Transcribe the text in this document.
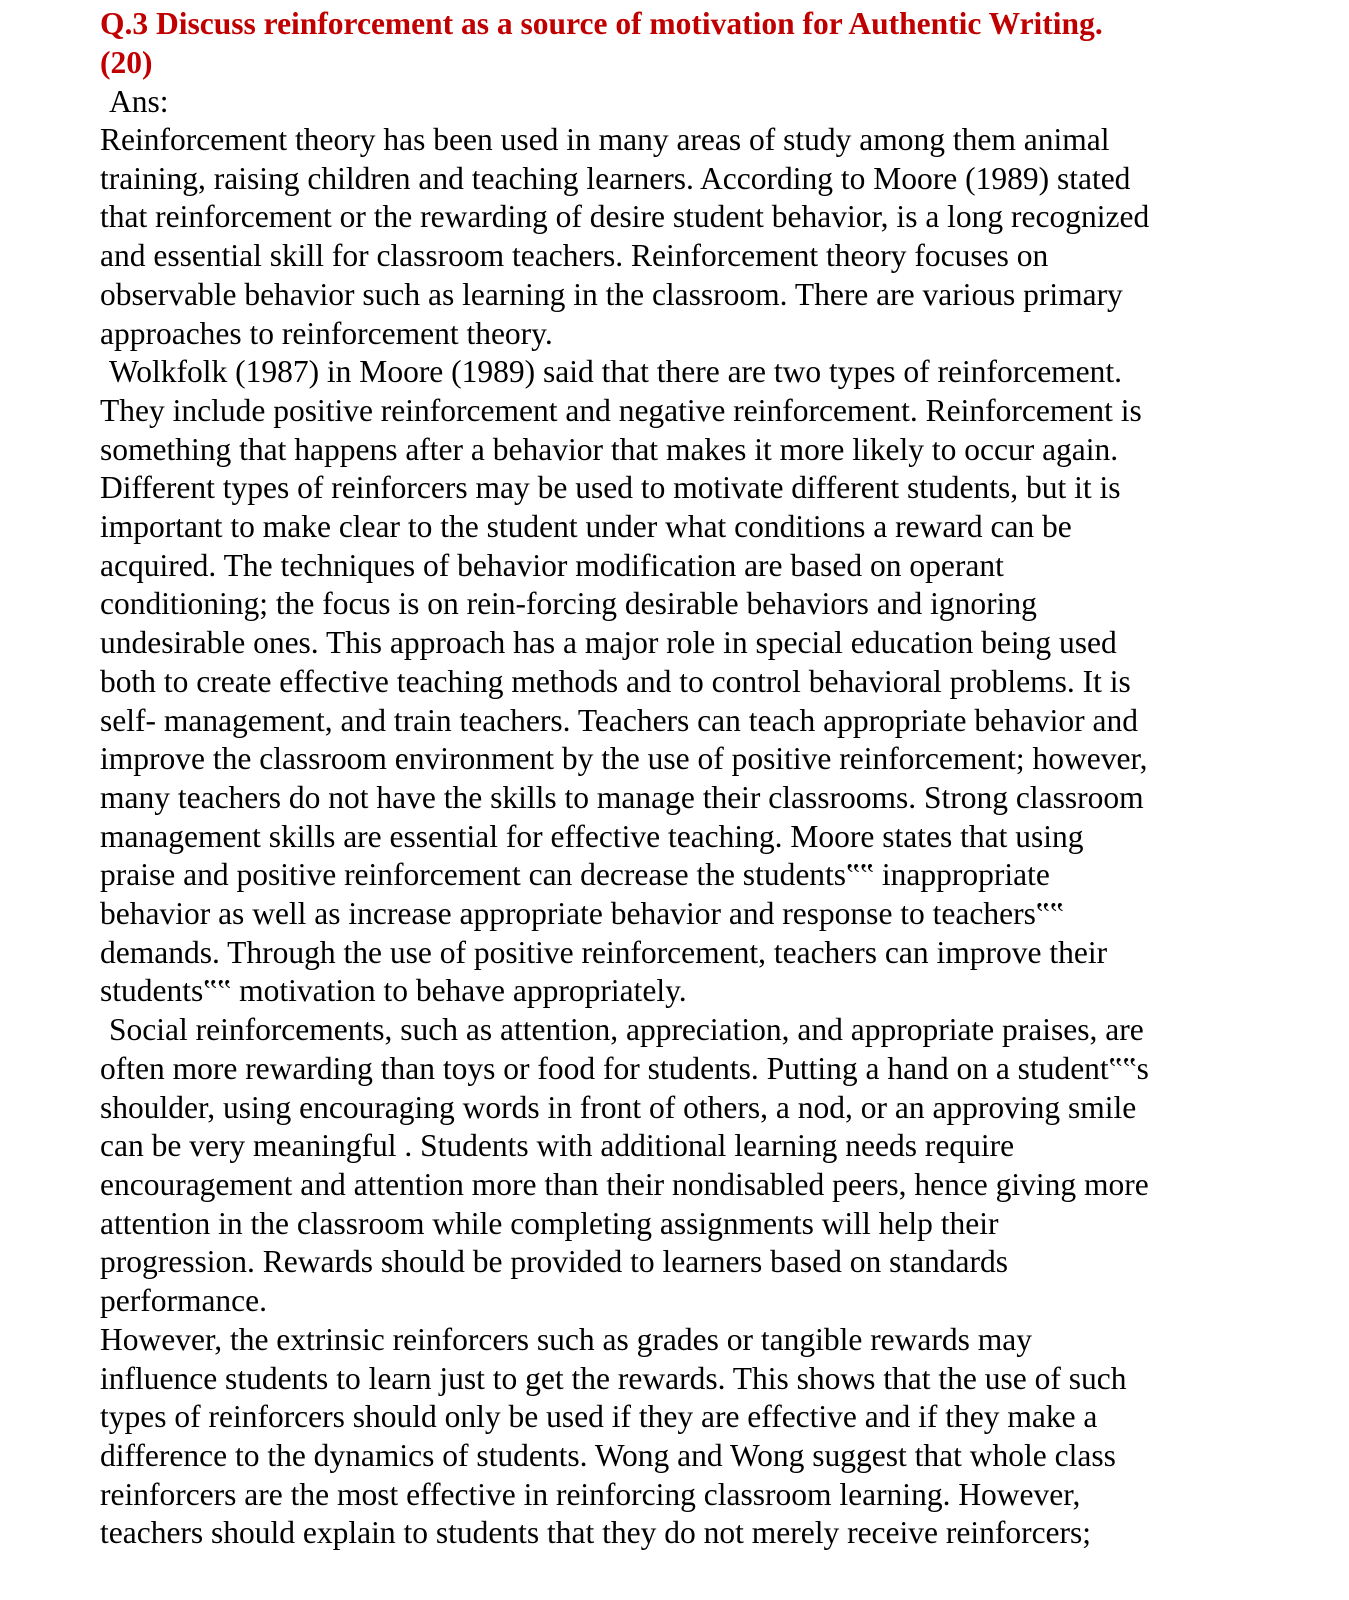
Q.3 Discuss reinforcement as a source of motivation for Authentic Writing.
(20)

Ans:

Reinforcement theory has been used in many areas of study among them animal

training, raising children and teaching learners. According to Moore (1989) stated

that reinforcement or the rewarding of desire student behavior, is a long recognized

and essential skill for classroom teachers. Reinforcement theory focuses on

observable behavior such as learning in the classroom. There are various primary

approaches to reinforcement theory.

Wolkfolk (1987) in Moore (1989) said that there are two types of reinforcement.

They include positive reinforcement and negative reinforcement. Reinforcement is

something that happens after a behavior that makes it more likely to occur again.

Different types of reinforcers may be used to motivate different students, but it is

important to make clear to the student under what conditions a reward can be

acquired. The techniques of behavior modification are based on operant

conditioning; the focus is on rein-forcing desirable behaviors and ignoring

undesirable ones. This approach has a major role in special education being used

both to create effective teaching methods and to control behavioral problems. It is

self- management, and train teachers. Teachers can teach appropriate behavior and

improve the classroom environment by the use of positive reinforcement; however,

many teachers do not have the skills to manage their classrooms. Strong classroom

management skills are essential for effective teaching. Moore states that using

praise and positive reinforcement can decrease the students‟‟ inappropriate

behavior as well as increase appropriate behavior and response to teachers‟‟

demands. Through the use of positive reinforcement, teachers can improve their

students‟‟ motivation to behave appropriately.

Social reinforcements, such as attention, appreciation, and appropriate praises, are

often more rewarding than toys or food for students. Putting a hand on a student‟‟s

shoulder, using encouraging words in front of others, a nod, or an approving smile

can be very meaningful . Students with additional learning needs require

encouragement and attention more than their nondisabled peers, hence giving more

attention in the classroom while completing assignments will help their

progression. Rewards should be provided to learners based on standards

performance.

However, the extrinsic reinforcers such as grades or tangible rewards may

influence students to learn just to get the rewards. This shows that the use of such

types of reinforcers should only be used if they are effective and if they make a

difference to the dynamics of students. Wong and Wong suggest that whole class

reinforcers are the most effective in reinforcing classroom learning. However,

teachers should explain to students that they do not merely receive reinforcers;
